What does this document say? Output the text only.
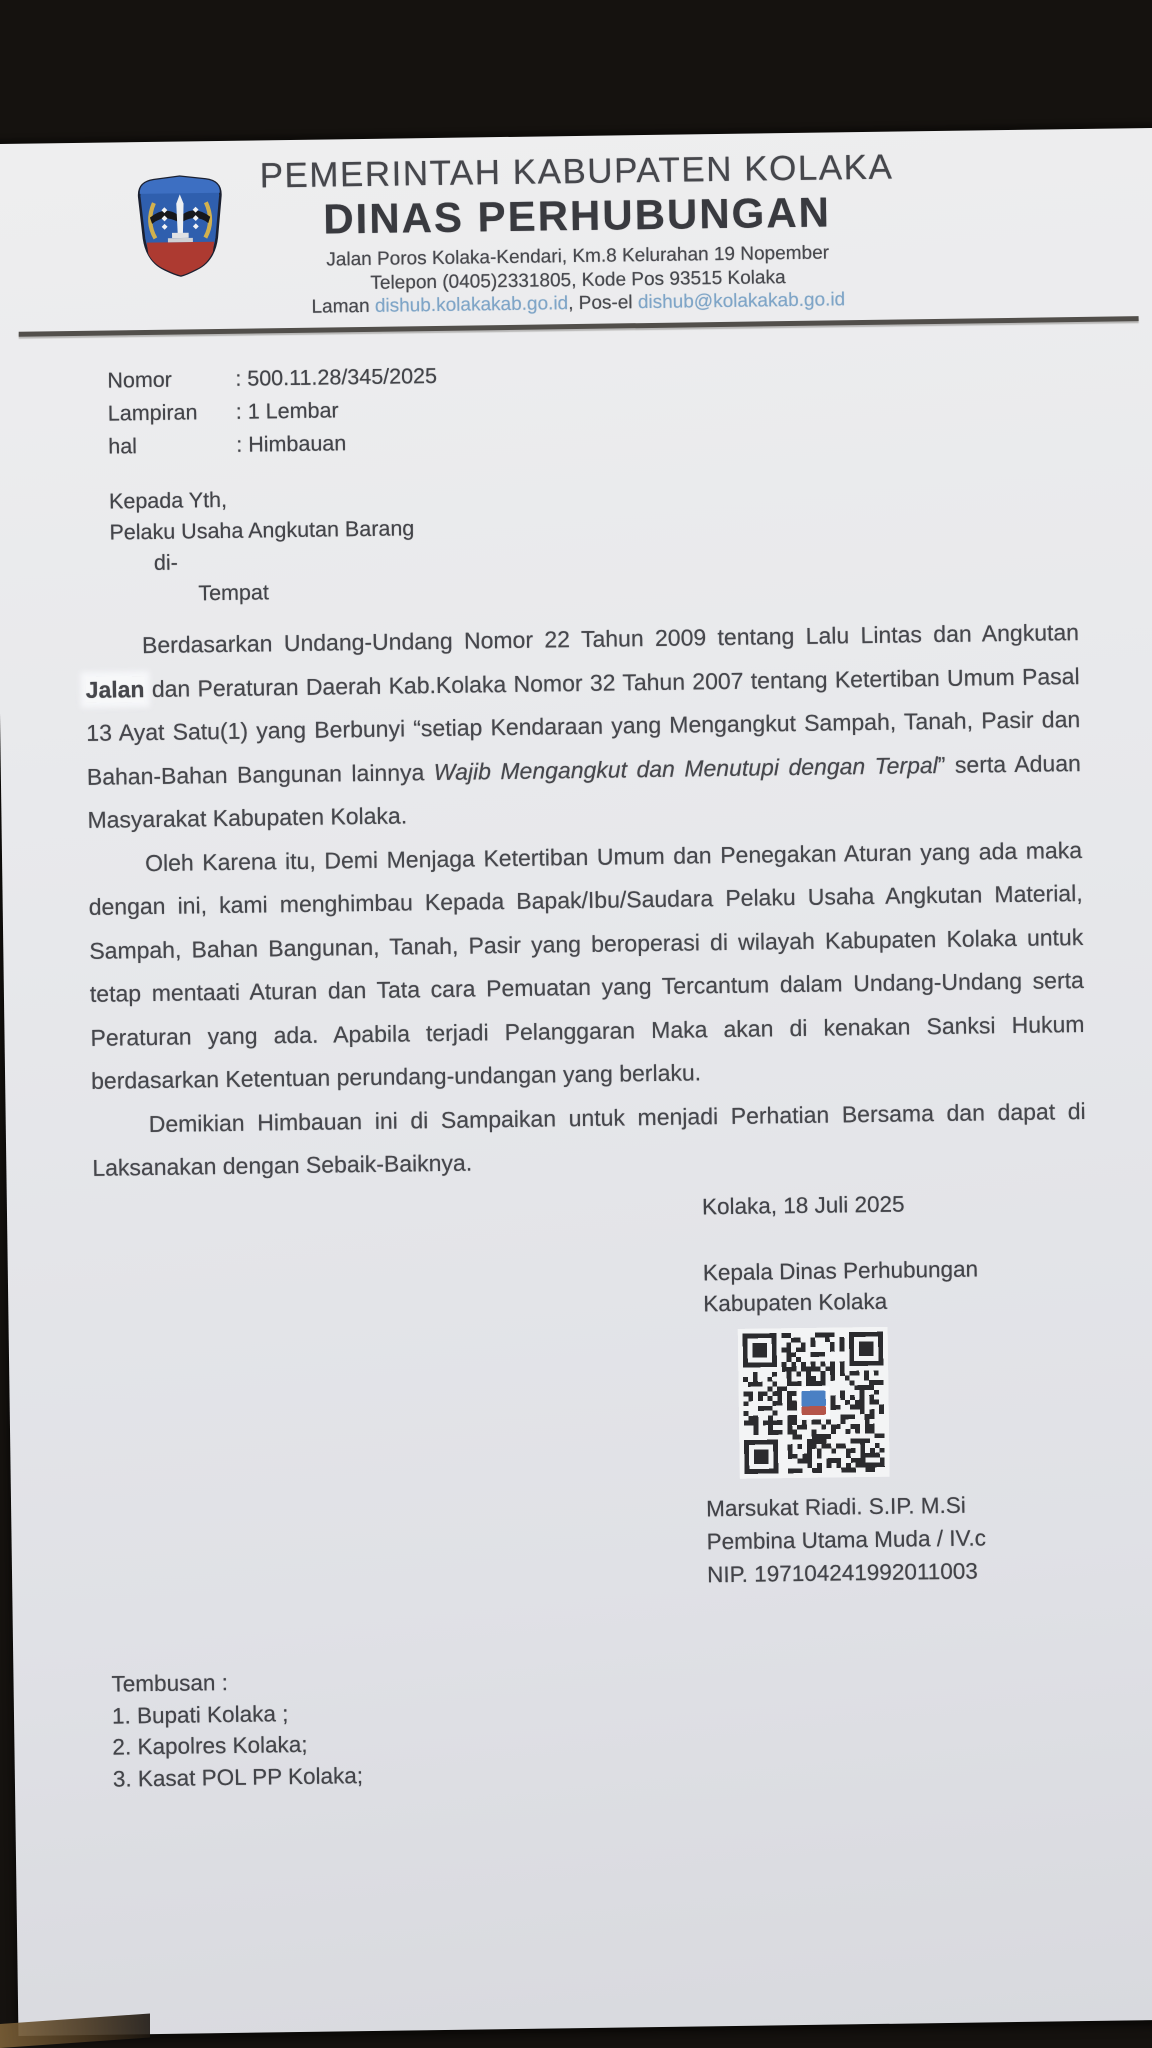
PEMERINTAH KABUPATEN KOLAKA
DINAS PERHUBUNGAN
Jalan Poros Kolaka-Kendari, Km.8 Kelurahan 19 Nopember
Telepon (0405)2331805, Kode Pos 93515 Kolaka
Laman dishub.kolakakab.go.id, Pos-el dishub@kolakakab.go.id
Nomor	: 500.11.28/345/2025
Lampiran	: 1 Lembar
hal	: Himbauan
Kepada Yth,
Pelaku Usaha Angkutan Barang
di-
Tempat

Berdasarkan Undang-Undang Nomor 22 Tahun 2009 tentang Lalu Lintas dan Angkutan Jalan dan Peraturan Daerah Kab.Kolaka Nomor 32 Tahun 2007 tentang Ketertiban Umum Pasal 13 Ayat Satu(1) yang Berbunyi “setiap Kendaraan yang Mengangkut Sampah, Tanah, Pasir dan Bahan-Bahan Bangunan lainnya Wajib Mengangkut dan Menutupi dengan Terpal” serta Aduan Masyarakat Kabupaten Kolaka.

Oleh Karena itu, Demi Menjaga Ketertiban Umum dan Penegakan Aturan yang ada maka dengan ini, kami menghimbau Kepada Bapak/Ibu/Saudara Pelaku Usaha Angkutan Material, Sampah, Bahan Bangunan, Tanah, Pasir yang beroperasi di wilayah Kabupaten Kolaka untuk tetap mentaati Aturan dan Tata cara Pemuatan yang Tercantum dalam Undang-Undang serta Peraturan yang ada. Apabila terjadi Pelanggaran Maka akan di kenakan Sanksi Hukum berdasarkan Ketentuan perundang-undangan yang berlaku.

Demikian Himbauan ini di Sampaikan untuk menjadi Perhatian Bersama dan dapat di Laksanakan dengan Sebaik-Baiknya.

Kolaka, 18 Juli 2025
Kepala Dinas Perhubungan
Kabupaten Kolaka
Marsukat Riadi. S.IP. M.Si
Pembina Utama Muda / IV.c
NIP. 197104241992011003
Tembusan :
1. Bupati Kolaka ;
2. Kapolres Kolaka;
3. Kasat POL PP Kolaka;
